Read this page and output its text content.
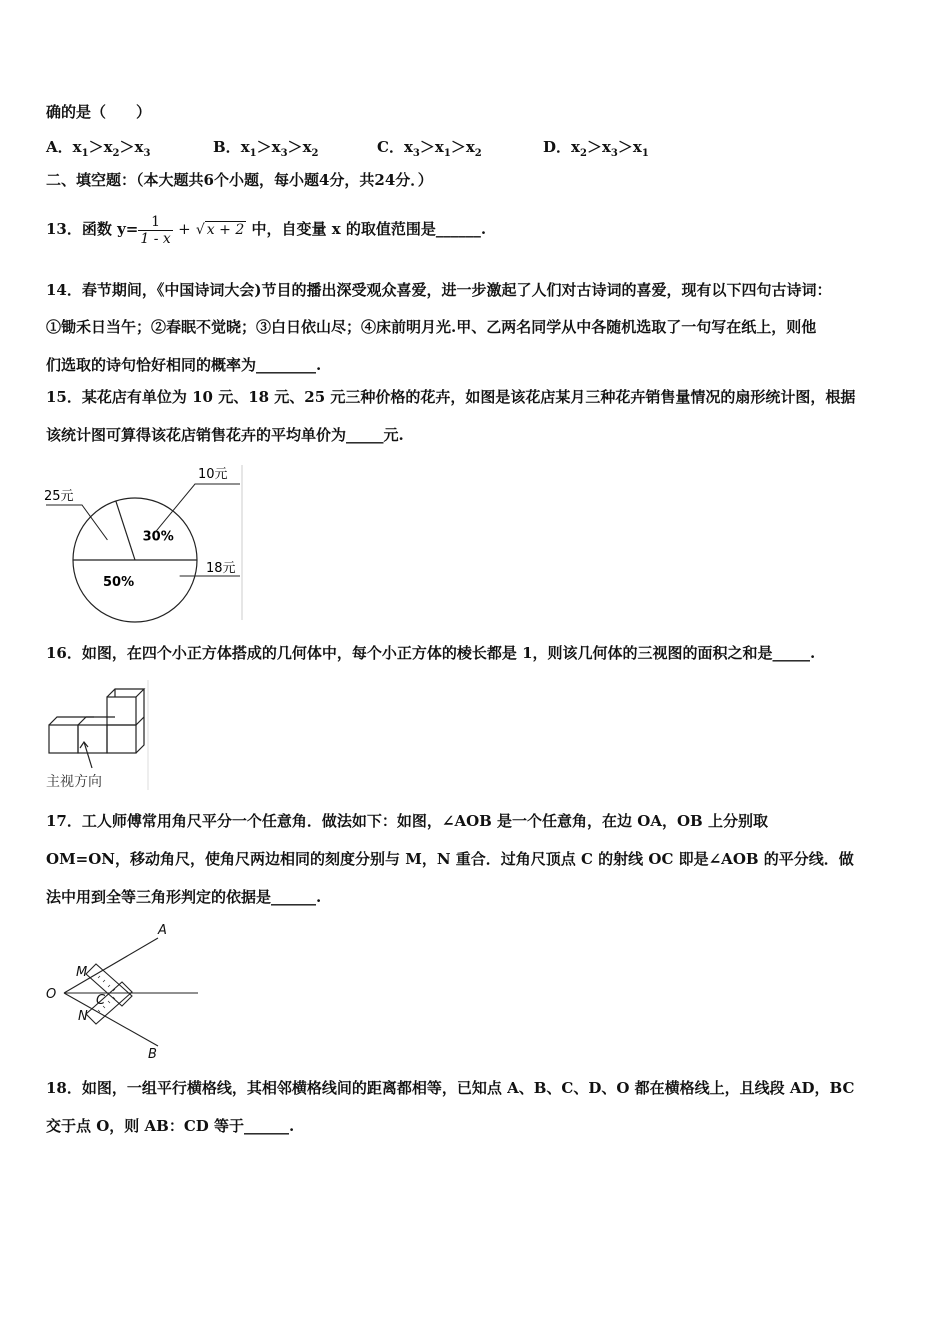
确的是（　　）
A．$x_1>x_2>x_3$	B．$x_1>x_3>x_2$	C．$x_3>x_1>x_2$	D．$x_2>x_3>x_1$
二、填空题：（本大题共6个小题，每小题4分，共24分．）
13．函数 $y= \frac{1}{1 - x}$ + √ x + 2 中，自变量 x 的取值范围是______.
14．春节期间，《中国诗词大会)节目的播出深受观众喜爱，进一步激起了人们对古诗词的喜爱，现有以下四句古诗词：
①锄禾日当午；②春眠不觉晓；③白日依山尽；④床前明月光.甲、乙两名同学从中各随机选取了一句写在纸上，则他
们选取的诗句恰好相同的概率为________.
15．某花店有单位为 10 元、18 元、25 元三种价格的花卉，如图是该花店某月三种花卉销售量情况的扇形统计图，根据
该统计图可算得该花店销售花卉的平均单价为_____元.
50%
18元
30%
10元
25元
16．如图，在四个小正方体搭成的几何体中，每个小正方体的棱长都是 1，则该几何体的三视图的面积之和是_____.
主视方向
17．工人师傅常用角尺平分一个任意角．做法如下：如图，∠AOB 是一个任意角，在边 OA，OB 上分别取
OM=ON，移动角尺，使角尺两边相同的刻度分别与 M，N 重合．过角尺顶点 C 的射线 OC 即是∠AOB 的平分线．做
法中用到全等三角形判定的依据是______.
A
B
O
M
N
C
18．如图，一组平行横格线，其相邻横格线间的距离都相等，已知点 A、B、C、D、O 都在横格线上，且线段 AD，BC
交于点 O，则 AB：CD 等于______.
